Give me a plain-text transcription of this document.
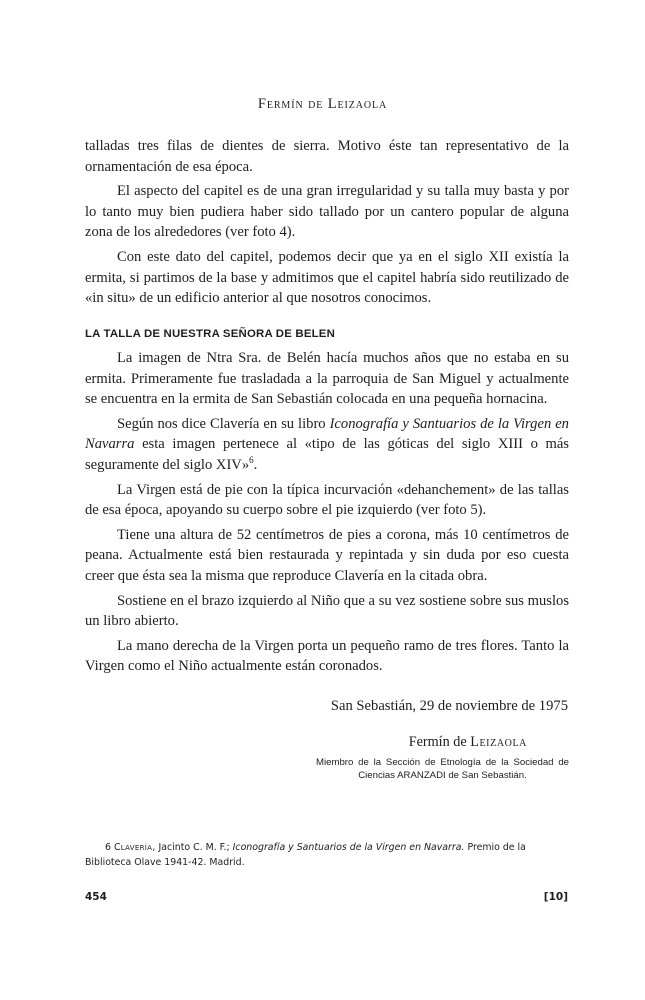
Fermín de Leizaola

talladas tres filas de dientes de sierra. Motivo éste tan representativo de la ornamentación de esa época.

El aspecto del capitel es de una gran irregularidad y su talla muy basta y por lo tanto muy bien pudiera haber sido tallado por un cantero popular de alguna zona de los alrededores (ver foto 4).

Con este dato del capitel, podemos decir que ya en el siglo XII existía la ermita, si partimos de la base y admitimos que el capitel habría sido reutilizado de «in situ» de un edificio anterior al que nosotros conocimos.

LA TALLA DE NUESTRA SEÑORA DE BELEN

La imagen de Ntra Sra. de Belén hacía muchos años que no estaba en su ermita. Primeramente fue trasladada a la parroquia de San Miguel y actualmente se encuentra en la ermita de San Sebastián colocada en una pequeña hornacina.

Según nos dice Clavería en su libro Iconografía y Santuarios de la Virgen en Navarra esta imagen pertenece al «tipo de las góticas del siglo XIII o más seguramente del siglo XIV»$^6$.

La Virgen está de pie con la típica incurvación «dehanchement» de las tallas de esa época, apoyando su cuerpo sobre el pie izquierdo (ver foto 5).

Tiene una altura de 52 centímetros de pies a corona, más 10 centímetros de peana. Actualmente está bien restaurada y repintada y sin duda por eso cuesta creer que ésta sea la misma que reproduce Clavería en la citada obra.

Sostiene en el brazo izquierdo al Niño que a su vez sostiene sobre sus muslos un libro abierto.

La mano derecha de la Virgen porta un pequeño ramo de tres flores. Tanto la Virgen como el Niño actualmente están coronados.

San Sebastián, 29 de noviembre de 1975
Fermín de Leizaola
Miembro de la Sección de Etnología de la Sociedad de Ciencias ARANZADI de San Sebastián.
6 Clavería, Jacinto C. M. F.; Iconografía y Santuarios de la Virgen en Navarra. Premio de la Biblioteca Olave 1941-42. Madrid.
454	[10]
